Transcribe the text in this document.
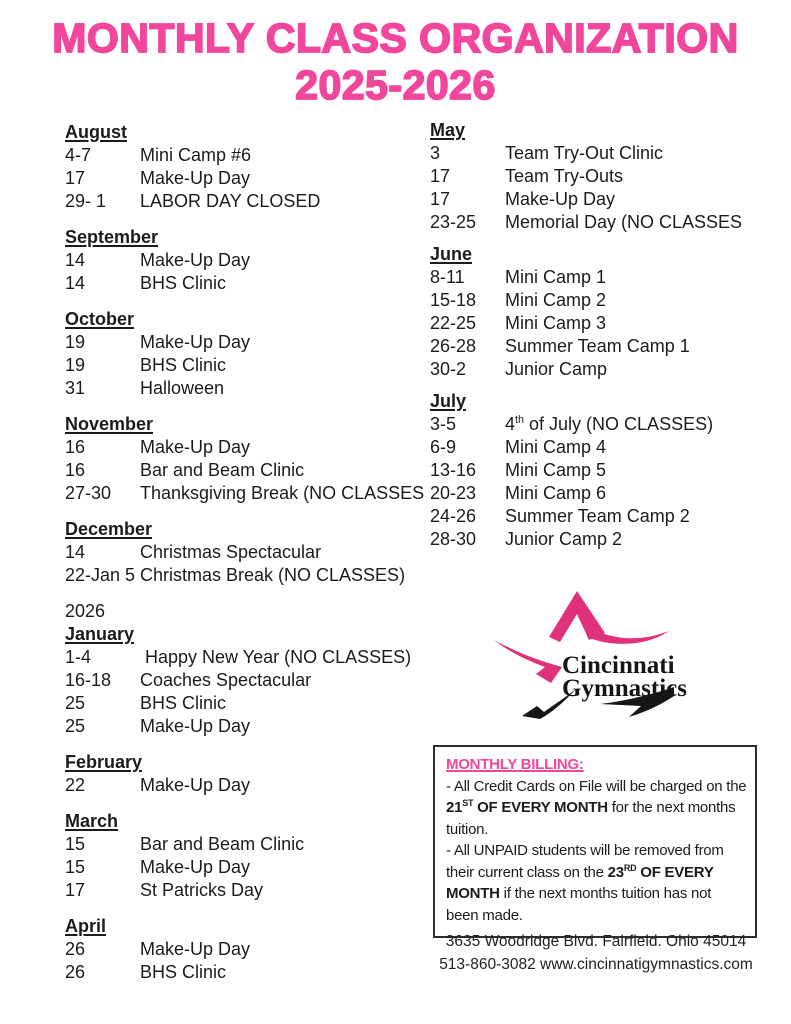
MONTHLY CLASS ORGANIZATION
2025-2026
August
4-7	Mini Camp #6
17	Make-Up Day
29- 1	LABOR DAY CLOSED
September
14	Make-Up Day
14	BHS Clinic
October
19	Make-Up Day
19	BHS Clinic
31	Halloween
November
16	Make-Up Day
16	Bar and Beam Clinic
27-30	Thanksgiving Break (NO CLASSES
December
14	Christmas Spectacular
22-Jan 5 Christmas Break (NO CLASSES)
2026
January
1-4	Happy New Year (NO CLASSES)
16-18	Coaches Spectacular
25	BHS Clinic
25	Make-Up Day
February
22	Make-Up Day
March
15	Bar and Beam Clinic
15	Make-Up Day
17	St Patricks Day
April
26	Make-Up Day
26	BHS Clinic
May
3	Team Try-Out Clinic
17	Team Try-Outs
17	Make-Up Day
23-25	Memorial Day (NO CLASSES
June
8-11	Mini Camp 1
15-18	Mini Camp 2
22-25	Mini Camp 3
26-28	Summer Team Camp 1
30-2	Junior Camp
July
3-5	4th of July (NO CLASSES)
6-9	Mini Camp 4
13-16	Mini Camp 5
20-23	Mini Camp 6
24-26	Summer Team Camp 2
28-30	Junior Camp 2
Cincinnati
Gymnastics
MONTHLY BILLING:
- All Credit Cards on File will be charged on the 21ST OF EVERY MONTH for the next months tuition.
- All UNPAID students will be removed from their current class on the 23RD OF EVERY MONTH if the next months tuition has not been made.
3635 Woodridge Blvd. Fairfield. Ohio 45014
513-860-3082 www.cincinnatigymnastics.com
